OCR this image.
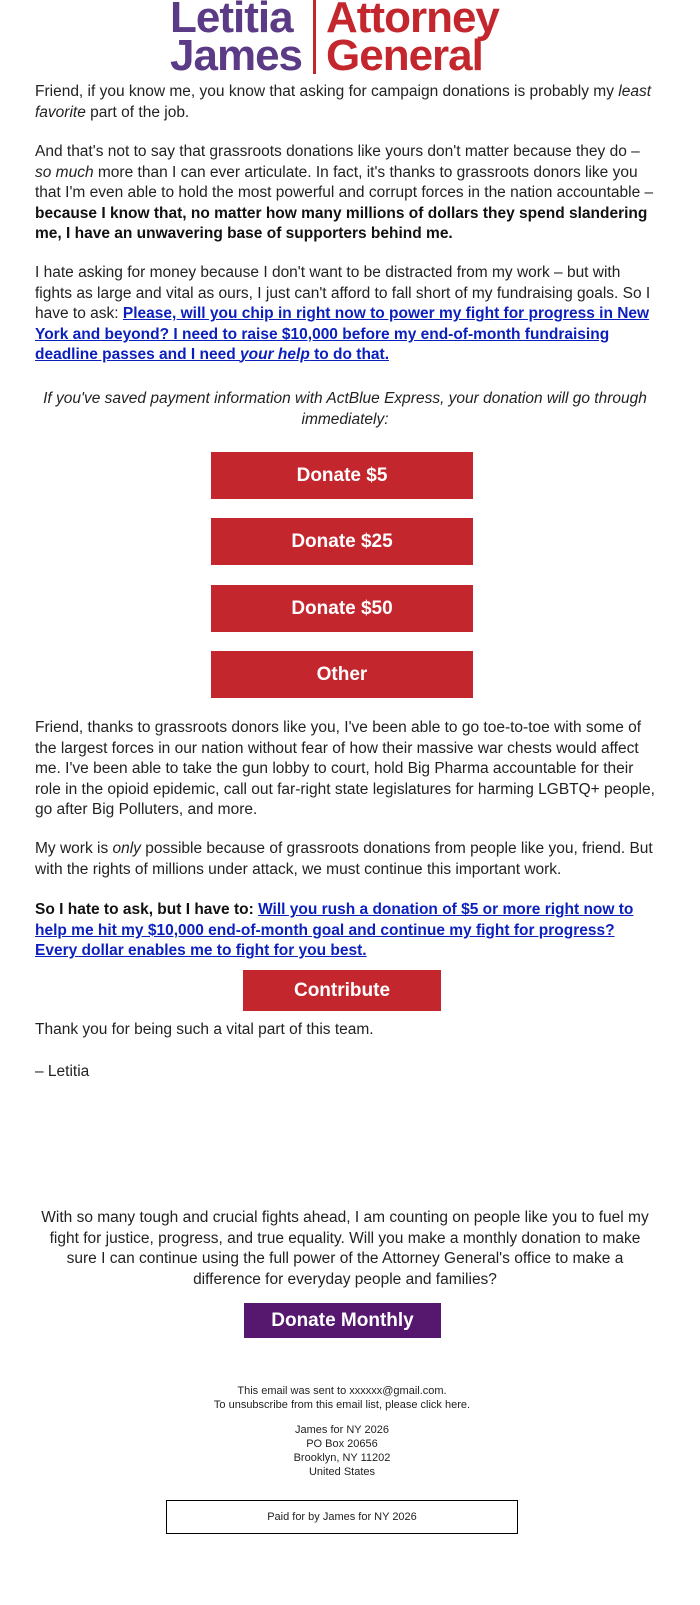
Letitia
James
Attorney
General

Friend, if you know me, you know that asking for campaign donations is probably my least favorite part of the job.

And that's not to say that grassroots donations like yours don't matter because they do – so much more than I can ever articulate. In fact, it's thanks to grassroots donors like you that I'm even able to hold the most powerful and corrupt forces in the nation accountable – because I know that, no matter how many millions of dollars they spend slandering me, I have an unwavering base of supporters behind me.

I hate asking for money because I don't want to be distracted from my work – but with fights as large and vital as ours, I just can't afford to fall short of my fundraising goals. So I have to ask: Please, will you chip in right now to power my fight for progress in New York and beyond? I need to raise $10,000 before my end-of-month fundraising deadline passes and I need your help to do that.

If you've saved payment information with ActBlue Express, your donation will go through immediately:

Donate $5
Donate $25
Donate $50
Other

Friend, thanks to grassroots donors like you, I've been able to go toe-to-toe with some of the largest forces in our nation without fear of how their massive war chests would affect me. I've been able to take the gun lobby to court, hold Big Pharma accountable for their role in the opioid epidemic, call out far-right state legislatures for harming LGBTQ+ people, go after Big Polluters, and more.

My work is only possible because of grassroots donations from people like you, friend. But with the rights of millions under attack, we must continue this important work.

So I hate to ask, but I have to: Will you rush a donation of $5 or more right now to help me hit my $10,000 end-of-month goal and continue my fight for progress? Every dollar enables me to fight for you best.

Contribute

Thank you for being such a vital part of this team.

– Letitia

With so many tough and crucial fights ahead, I am counting on people like you to fuel my fight for justice, progress, and true equality. Will you make a monthly donation to make sure I can continue using the full power of the Attorney General's office to make a difference for everyday people and families?

Donate Monthly
This email was sent to xxxxxx@gmail.com.
To unsubscribe from this email list, please click here.
James for NY 2026
PO Box 20656
Brooklyn, NY 11202
United States
Paid for by James for NY 2026
